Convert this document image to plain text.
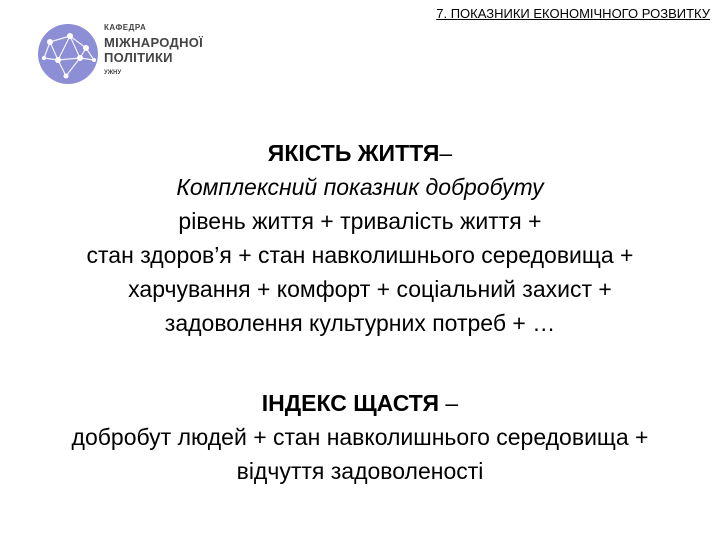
7. ПОКАЗНИКИ ЕКОНОМІЧНОГО РОЗВИТКУ
КАФЕДРА
МІЖНАРОДНОЇ
ПОЛІТИКИ
УЖНУ
ЯКІСТЬ ЖИТТЯ–
Комплексний показник добробуту
рівень життя + тривалість життя +
стан здоров’я + стан навколишнього середовища +
харчування + комфорт + соціальний захист +
задоволення культурних потреб + …
ІНДЕКС ЩАСТЯ –
добробут людей + стан навколишнього середовища +
відчуття задоволеності
